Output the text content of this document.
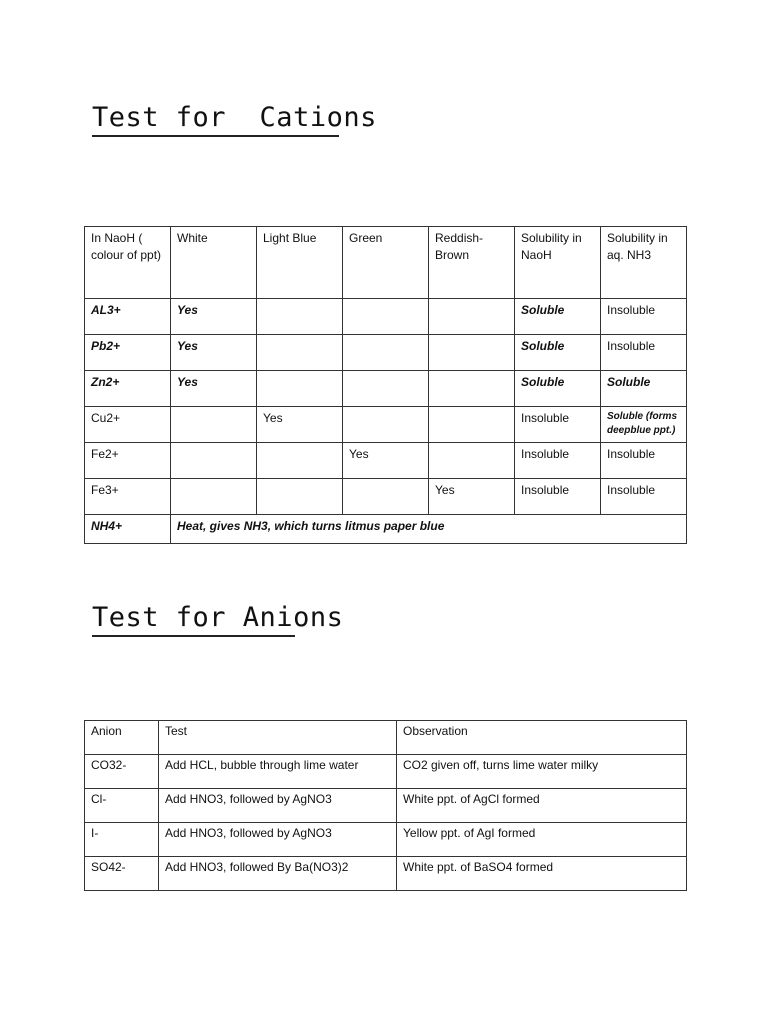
Test for  Cations
In NaoH ( colour of ppt)	White	Light Blue	Green	Reddish-Brown	Solubility in NaoH	Solubility in aq. NH3
AL3+	Yes				Soluble	Insoluble
Pb2+	Yes				Soluble	Insoluble
Zn2+	Yes				Soluble	Soluble
Cu2+		Yes			Insoluble	Soluble (forms deepblue ppt.)
Fe2+			Yes		Insoluble	Insoluble
Fe3+				Yes	Insoluble	Insoluble
NH4+	Heat, gives NH3, which turns litmus paper blue					
Test for Anions
Anion	Test	Observation
CO32-	Add HCL, bubble through lime water	CO2 given off, turns lime water milky
Cl-	Add HNO3, followed by AgNO3	White ppt. of AgCl formed
I-	Add HNO3, followed by AgNO3	Yellow ppt. of AgI formed
SO42-	Add HNO3, followed By Ba(NO3)2	White ppt. of BaSO4 formed
